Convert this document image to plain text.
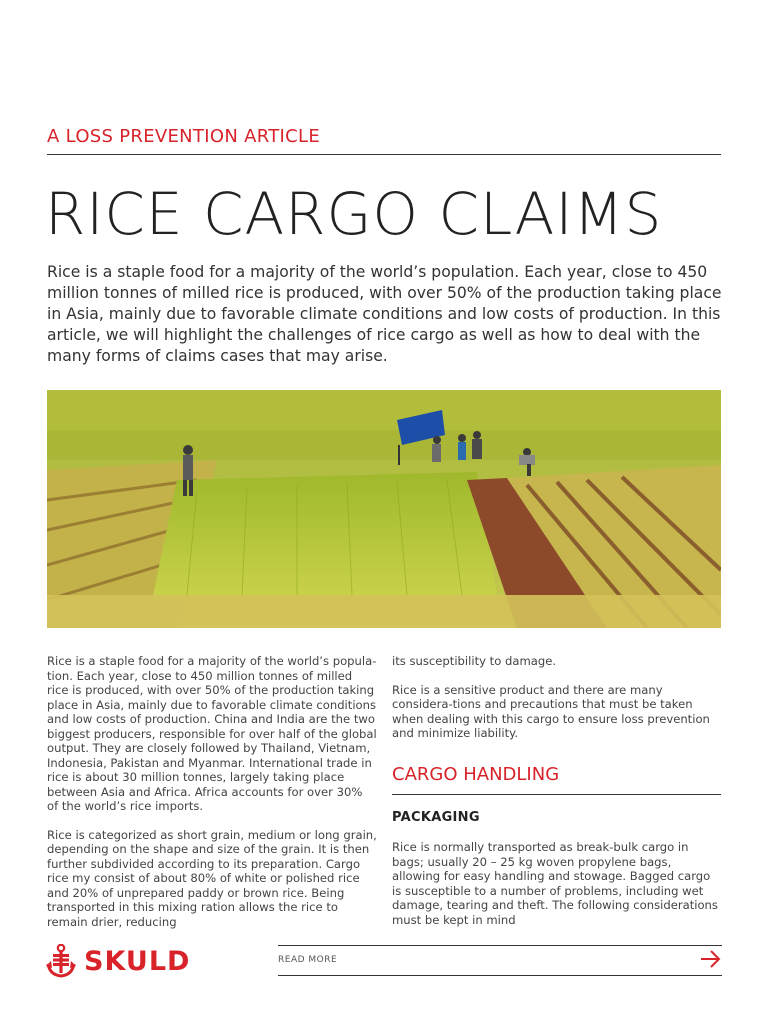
A LOSS PREVENTION ARTICLE
RICE CARGO CLAIMS

Rice is a staple food for a majority of the world’s population. Each year, close to 450 million tonnes of milled rice is produced, with over 50% of the production taking place in Asia, mainly due to favorable climate conditions and low costs of production. In this article, we will highlight the challenges of rice cargo as well as how to deal with the many forms of claims cases that may arise.

Rice is a staple food for a majority of the world’s popula-tion. Each year, close to 450 million tonnes of milled rice is produced, with over 50% of the production taking place in Asia, mainly due to favorable climate conditions and low costs of production. China and India are the two biggest producers, responsible for over half of the global output. They are closely followed by Thailand, Vietnam, Indonesia, Pakistan and Myanmar. International trade in rice is about 30 million tonnes, largely taking place between Asia and Africa. Africa accounts for over 30% of the world’s rice imports.

Rice is categorized as short grain, medium or long grain, depending on the shape and size of the grain. It is then further subdivided according to its preparation. Cargo rice my consist of about 80% of white or polished rice and 20% of unprepared paddy or brown rice. Being transported in this mixing ration allows the rice to remain drier, reducing

its susceptibility to damage.

Rice is a sensitive product and there are many considera-tions and precautions that must be taken when dealing with this cargo to ensure loss prevention and minimize liability.

CARGO HANDLING
PACKAGING

Rice is normally transported as break-bulk cargo in bags; usually 20 – 25 kg woven propylene bags, allowing for easy handling and stowage. Bagged cargo is susceptible to a number of problems, including wet damage, tearing and theft. The following considerations must be kept in mind

SKULD	READ MORE
